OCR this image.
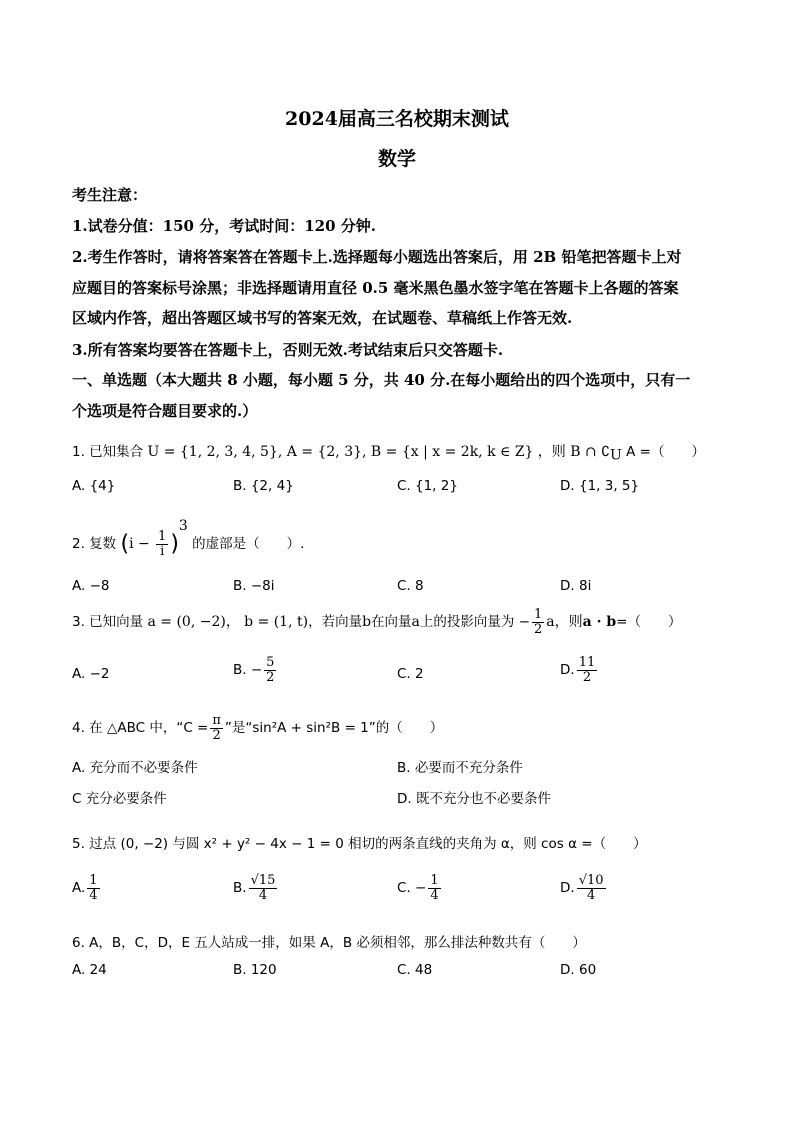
2024届高三名校期末测试
数学
考生注意：
1.试卷分值：150 分，考试时间：120 分钟.
2.考生作答时，请将答案答在答题卡上.选择题每小题选出答案后，用 2B 铅笔把答题卡上对
应题目的答案标号涂黑；非选择题请用直径 0.5 毫米黑色墨水签字笔在答题卡上各题的答案
区域内作答，超出答题区域书写的答案无效，在试题卷、草稿纸上作答无效.
3.所有答案均要答在答题卡上，否则无效.考试结束后只交答题卡.
一、单选题（本大题共 8 小题，每小题 5 分，共 40 分.在每小题给出的四个选项中，只有一
个选项是符合题目要求的.）
1. 已知集合 U = {1, 2, 3, 4, 5}, A = {2, 3}, B = {x | x = 2k, k ∈ Z} ，则 B ∩ $∁_U$ A =（　　）
A. {4}	B. {2, 4}	C. {1, 2}	D. {1, 3, 5}
2. 复数 $(i - \frac{1}{i} )^3$ 的虚部是（　　）.
A. −8	B. −8i	C. 8	D. 8i
3. 已知向量 a = (0, −2)， b = (1, t)，若向量b在向量a上的投影向量为 − $\frac{1}{2}$ a，则a · b=（　　）
A. −2	B. − $\frac{5}{2}$	C. 2	D. $\frac{11}{2}$
4. 在 △ABC 中，“$C = \frac{\pi}{2}$ ”是“sin²A + sin²B = 1”的（　　）
A. 充分而不必要条件	B. 必要而不充分条件
C 充分必要条件	D. 既不充分也不必要条件
5. 过点 (0, −2) 与圆 x² + y² − 4x − 1 = 0 相切的两条直线的夹角为 α，则 cos α =（　　）
A. $\frac{1}{4}$	B. $\frac{√15}{4}$	C. − $\frac{1}{4}$	D. $\frac{√10}{4}$
6. A，B，C，D，E 五人站成一排，如果 A，B 必须相邻，那么排法种数共有（　　）
A. 24	B. 120	C. 48	D. 60
